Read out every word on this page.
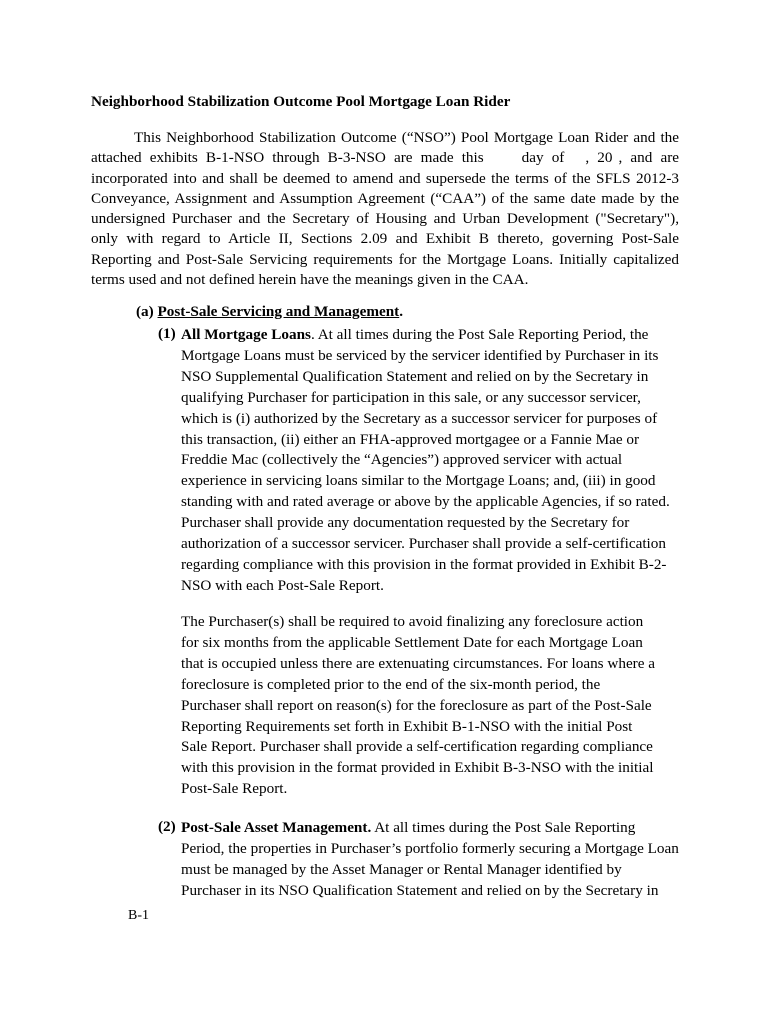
Neighborhood Stabilization Outcome Pool Mortgage Loan Rider

This Neighborhood Stabilization Outcome (“NSO”) Pool Mortgage Loan Rider and the attached exhibits B-1-NSO through B-3-NSO are made this	day of , 20 , and are incorporated into and shall be deemed to amend and supersede the terms of the SFLS 2012-3 Conveyance, Assignment and Assumption Agreement (“CAA”) of the same date made by the undersigned Purchaser and the Secretary of Housing and Urban Development ("Secretary"), only with regard to Article II, Sections 2.09 and Exhibit B thereto, governing Post-Sale Reporting and Post-Sale Servicing requirements for the Mortgage Loans. Initially capitalized terms used and not defined herein have the meanings given in the CAA.

(a) Post-Sale Servicing and Management.
(1) All Mortgage Loans. At all times during the Post Sale Reporting Period, the Mortgage Loans must be serviced by the servicer identified by Purchaser in its NSO Supplemental Qualification Statement and relied on by the Secretary in qualifying Purchaser for participation in this sale, or any successor servicer, which is (i) authorized by the Secretary as a successor servicer for purposes of this transaction, (ii) either an FHA-approved mortgagee or a Fannie Mae or Freddie Mac (collectively the “Agencies”) approved servicer with actual experience in servicing loans similar to the Mortgage Loans; and, (iii) in good standing with and rated average or above by the applicable Agencies, if so rated. Purchaser shall provide any documentation requested by the Secretary for authorization of a successor servicer. Purchaser shall provide a self-certification regarding compliance with this provision in the format provided in Exhibit B-2-NSO with each Post-Sale Report.

The Purchaser(s) shall be required to avoid finalizing any foreclosure action for six months from the applicable Settlement Date for each Mortgage Loan that is occupied unless there are extenuating circumstances. For loans where a foreclosure is completed prior to the end of the six-month period, the Purchaser shall report on reason(s) for the foreclosure as part of the Post-Sale Reporting Requirements set forth in Exhibit B-1-NSO with the initial Post Sale Report. Purchaser shall provide a self-certification regarding compliance with this provision in the format provided in Exhibit B-3-NSO with the initial Post-Sale Report.

(2) Post-Sale Asset Management. At all times during the Post Sale Reporting Period, the properties in Purchaser’s portfolio formerly securing a Mortgage Loan must be managed by the Asset Manager or Rental Manager identified by Purchaser in its NSO Qualification Statement and relied on by the Secretary in

B-1
